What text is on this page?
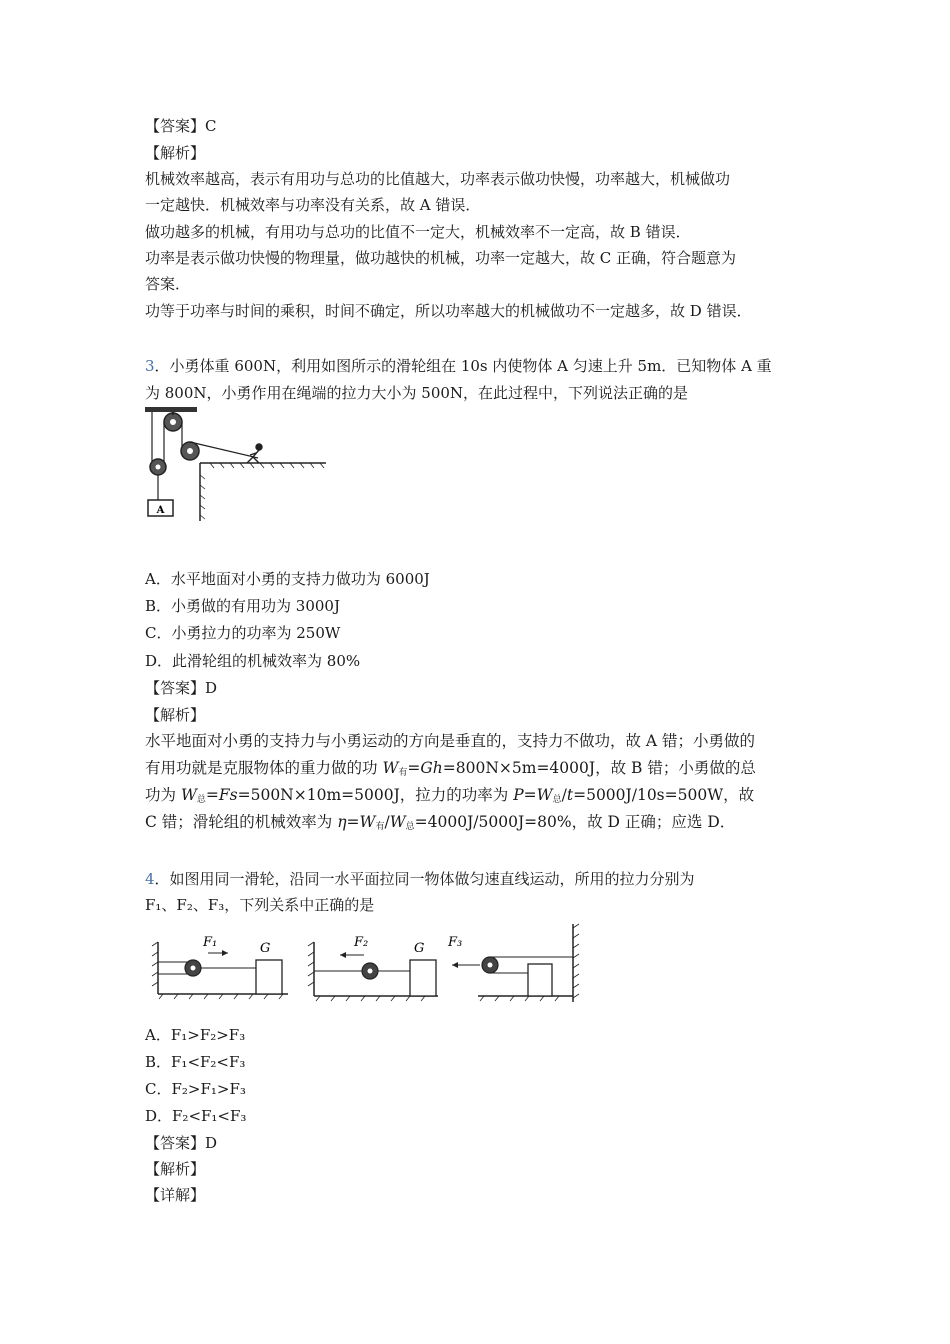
【答案】C
【解析】
机械效率越高，表示有用功与总功的比值越大，功率表示做功快慢，功率越大，机械做功
一定越快．机械效率与功率没有关系，故 A 错误．
做功越多的机械，有用功与总功的比值不一定大，机械效率不一定高，故 B 错误．
功率是表示做功快慢的物理量，做功越快的机械，功率一定越大，故 C 正确，符合题意为
答案．
功等于功率与时间的乘积，时间不确定，所以功率越大的机械做功不一定越多，故 D 错误．
3．小勇体重 600N，利用如图所示的滑轮组在 10s 内使物体 A 匀速上升 5m．已知物体 A 重
为 800N，小勇作用在绳端的拉力大小为 500N，在此过程中，下列说法正确的是
A
A．水平地面对小勇的支持力做功为 6000J
B．小勇做的有用功为 3000J
C．小勇拉力的功率为 250W
D．此滑轮组的机械效率为 80%
【答案】D
【解析】
水平地面对小勇的支持力与小勇运动的方向是垂直的，支持力不做功，故 A 错；小勇做的
有用功就是克服物体的重力做的功 $W_有=Gh=800N\times 5m=4000J$，故 B 错；小勇做的总
功为 $W_总=Fs=500N\times 10m=5000J$，拉力的功率为 $P=W_总/t=5000J/10s=500W$，故
C 错；滑轮组的机械效率为 $\eta=W_有/W_总=4000J/5000J=80\%$，故 D 正确；应选 D．
4．如图用同一滑轮，沿同一水平面拉同一物体做匀速直线运动，所用的拉力分别为
F₁、F₂、F₃，下列关系中正确的是
F₁	G	F₂	G F₃
A．F₁>F₂>F₃
B．F₁<F₂<F₃
C．F₂>F₁>F₃
D．F₂<F₁<F₃
【答案】D
【解析】
【详解】
